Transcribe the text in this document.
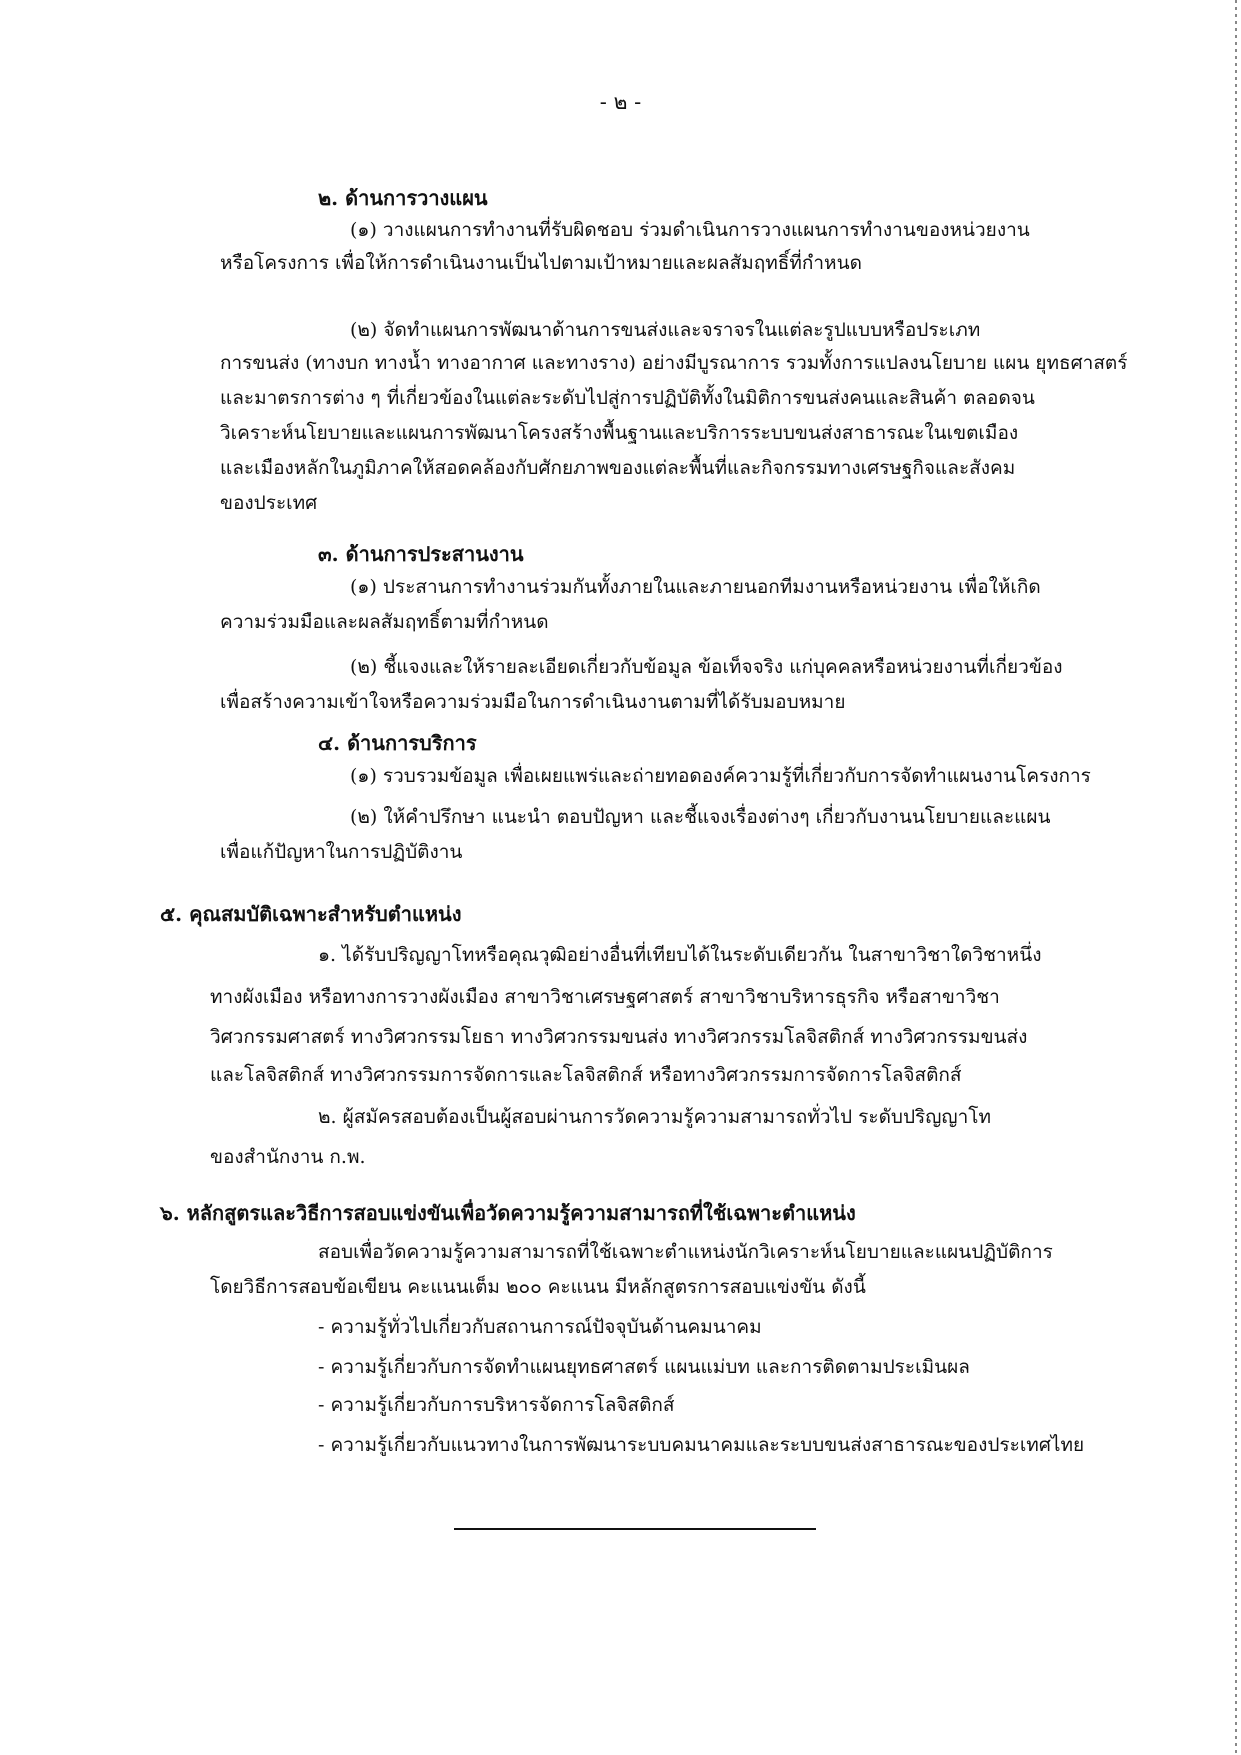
- ๒ -
๒. ด้านการวางแผน
(๑) วางแผนการทำงานที่รับผิดชอบ ร่วมดำเนินการวางแผนการทำงานของหน่วยงาน
หรือโครงการ เพื่อให้การดำเนินงานเป็นไปตามเป้าหมายและผลสัมฤทธิ์ที่กำหนด
(๒) จัดทำแผนการพัฒนาด้านการขนส่งและจราจรในแต่ละรูปแบบหรือประเภท
การขนส่ง (ทางบก ทางน้ำ ทางอากาศ และทางราง) อย่างมีบูรณาการ รวมทั้งการแปลงนโยบาย แผน ยุทธศาสตร์
และมาตรการต่าง ๆ ที่เกี่ยวข้องในแต่ละระดับไปสู่การปฏิบัติทั้งในมิติการขนส่งคนและสินค้า ตลอดจน
วิเคราะห์นโยบายและแผนการพัฒนาโครงสร้างพื้นฐานและบริการระบบขนส่งสาธารณะในเขตเมือง
และเมืองหลักในภูมิภาคให้สอดคล้องกับศักยภาพของแต่ละพื้นที่และกิจกรรมทางเศรษฐกิจและสังคม
ของประเทศ
๓. ด้านการประสานงาน
(๑) ประสานการทำงานร่วมกันทั้งภายในและภายนอกทีมงานหรือหน่วยงาน เพื่อให้เกิด
ความร่วมมือและผลสัมฤทธิ์ตามที่กำหนด
(๒) ชี้แจงและให้รายละเอียดเกี่ยวกับข้อมูล ข้อเท็จจริง แก่บุคคลหรือหน่วยงานที่เกี่ยวข้อง
เพื่อสร้างความเข้าใจหรือความร่วมมือในการดำเนินงานตามที่ได้รับมอบหมาย
๔. ด้านการบริการ
(๑) รวบรวมข้อมูล เพื่อเผยแพร่และถ่ายทอดองค์ความรู้ที่เกี่ยวกับการจัดทำแผนงานโครงการ
(๒) ให้คำปรึกษา แนะนำ ตอบปัญหา และชี้แจงเรื่องต่างๆ เกี่ยวกับงานนโยบายและแผน
เพื่อแก้ปัญหาในการปฏิบัติงาน
๕. คุณสมบัติเฉพาะสำหรับตำแหน่ง
๑. ได้รับปริญญาโทหรือคุณวุฒิอย่างอื่นที่เทียบได้ในระดับเดียวกัน ในสาขาวิชาใดวิชาหนึ่ง
ทางผังเมือง หรือทางการวางผังเมือง สาขาวิชาเศรษฐศาสตร์ สาขาวิชาบริหารธุรกิจ หรือสาขาวิชา
วิศวกรรมศาสตร์ ทางวิศวกรรมโยธา ทางวิศวกรรมขนส่ง ทางวิศวกรรมโลจิสติกส์ ทางวิศวกรรมขนส่ง
และโลจิสติกส์ ทางวิศวกรรมการจัดการและโลจิสติกส์ หรือทางวิศวกรรมการจัดการโลจิสติกส์
๒. ผู้สมัครสอบต้องเป็นผู้สอบผ่านการวัดความรู้ความสามารถทั่วไป ระดับปริญญาโท
ของสำนักงาน ก.พ.
๖. หลักสูตรและวิธีการสอบแข่งขันเพื่อวัดความรู้ความสามารถที่ใช้เฉพาะตำแหน่ง
สอบเพื่อวัดความรู้ความสามารถที่ใช้เฉพาะตำแหน่งนักวิเคราะห์นโยบายและแผนปฏิบัติการ
โดยวิธีการสอบข้อเขียน คะแนนเต็ม ๒๐๐ คะแนน มีหลักสูตรการสอบแข่งขัน ดังนี้
- ความรู้ทั่วไปเกี่ยวกับสถานการณ์ปัจจุบันด้านคมนาคม
- ความรู้เกี่ยวกับการจัดทำแผนยุทธศาสตร์ แผนแม่บท และการติดตามประเมินผล
- ความรู้เกี่ยวกับการบริหารจัดการโลจิสติกส์
- ความรู้เกี่ยวกับแนวทางในการพัฒนาระบบคมนาคมและระบบขนส่งสาธารณะของประเทศไทย
